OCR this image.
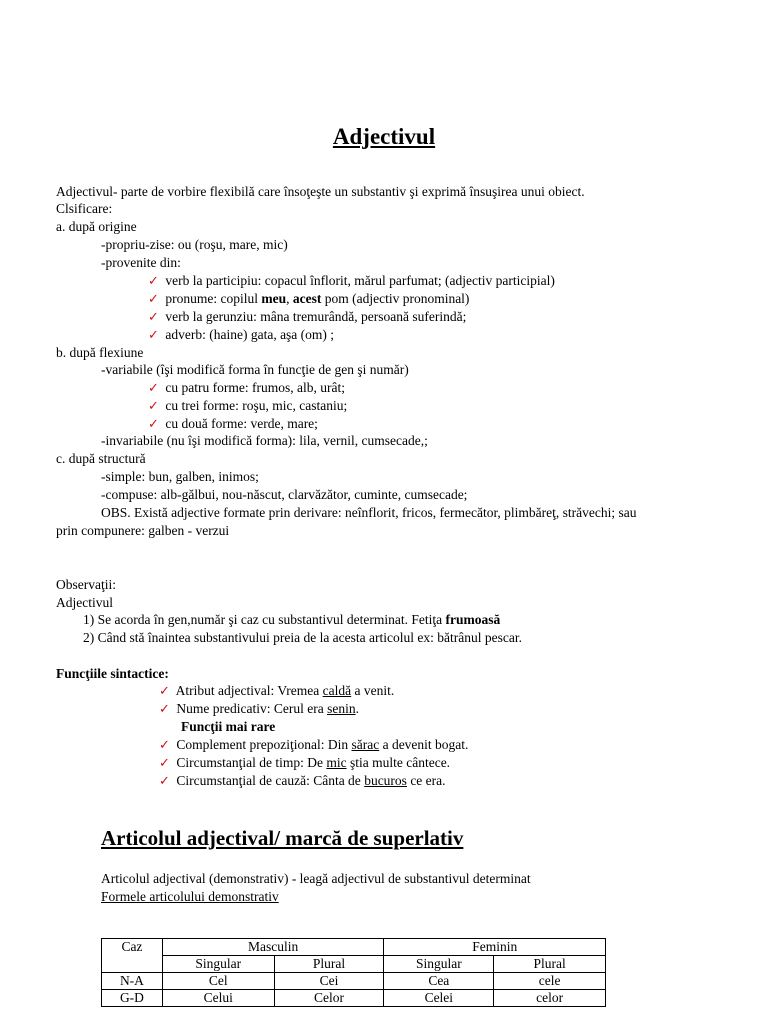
Adjectivul
Adjectivul- parte de vorbire flexibilă care însoţeşte un substantiv şi exprimă însuşirea unui obiect.
Clsificare:
a. după origine
-propriu-zise: ou (roşu, mare, mic)
-provenite din:
✓ verb la participiu: copacul înflorit, mărul parfumat; (adjectiv participial)
✓ pronume: copilul meu, acest pom (adjectiv pronominal)
✓ verb la gerunziu: mâna tremurândă, persoană suferindă;
✓ adverb: (haine) gata, aşa (om) ;
b. după flexiune
-variabile (îşi modifică forma în funcţie de gen şi număr)
✓ cu patru forme: frumos, alb, urât;
✓ cu trei forme: roşu, mic, castaniu;
✓ cu două forme: verde, mare;
-invariabile (nu îşi modifică forma): lila, vernil, cumsecade,;
c. după structură
-simple: bun, galben, inimos;
-compuse: alb-gălbui, nou-născut, clarvăzător, cuminte, cumsecade;
OBS. Există adjective formate prin derivare: neînflorit, fricos, fermecător, plimbăreţ, străvechi; sau
prin compunere: galben - verzui
Observaţii:
Adjectivul
1) Se acorda în gen,număr şi caz cu substantivul determinat. Fetiţa frumoasă
2) Când stă înaintea substantivului preia de la acesta articolul ex: bătrânul pescar.
Funcţiile sintactice:
✓ Atribut adjectival: Vremea caldă a venit.
✓ Nume predicativ: Cerul era senin.
Funcţii mai rare
✓ Complement prepoziţional: Din sărac a devenit bogat.
✓ Circumstanţial de timp: De mic ştia multe cântece.
✓ Circumstanţial de cauză: Cânta de bucuros ce era.
Articolul adjectival/ marcă de superlativ
Articolul adjectival (demonstrativ) - leagă adjectivul de substantivul determinat
Formele articolului demonstrativ
Caz	Masculin		Feminin	
	Singular	Plural	Singular	Plural
N-A	Cel	Cei	Cea	cele
G-D	Celui	Celor	Celei	celor
